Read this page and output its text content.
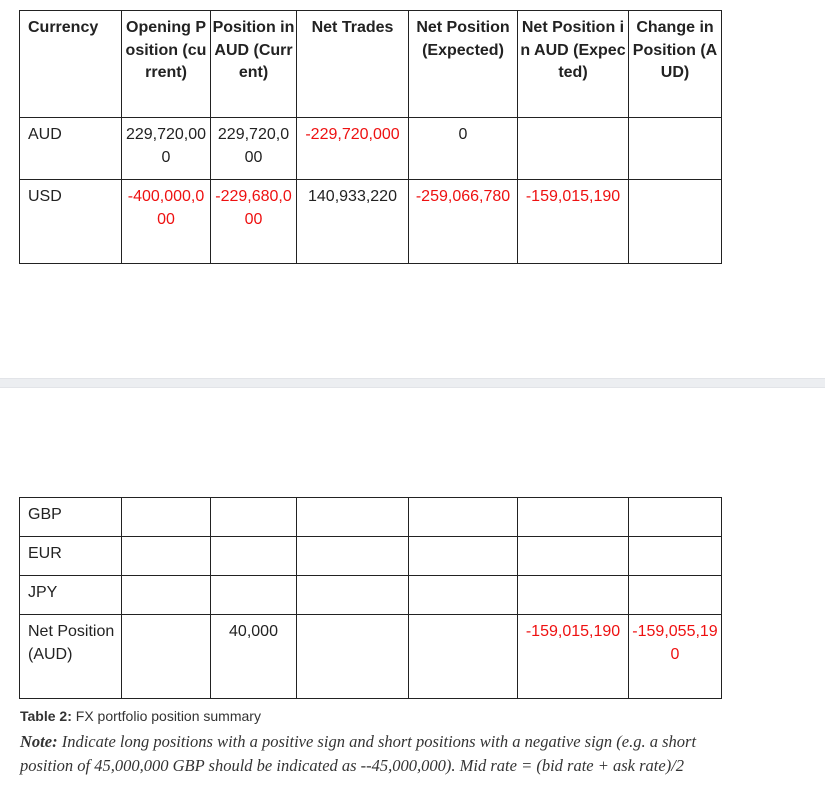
Currency	Opening Position (current)	Position in AUD (Current)	Net Trades	Net Position (Expected)	Net Position in AUD (Expected)	Change in Position (AUD)
AUD	229,720,000	229,720,000	-229,720,000	0		
USD	-400,000,000	-229,680,000	140,933,220	-259,066,780	-159,015,190	
GBP						
EUR						
JPY						
Net Position (AUD)		40,000			-159,015,190	-159,055,190
Table 2: FX portfolio position summary
Note: Indicate long positions with a positive sign and short positions with a negative sign (e.g. a short position of 45,000,000 GBP should be indicated as --45,000,000). Mid rate = (bid rate + ask rate)/2
